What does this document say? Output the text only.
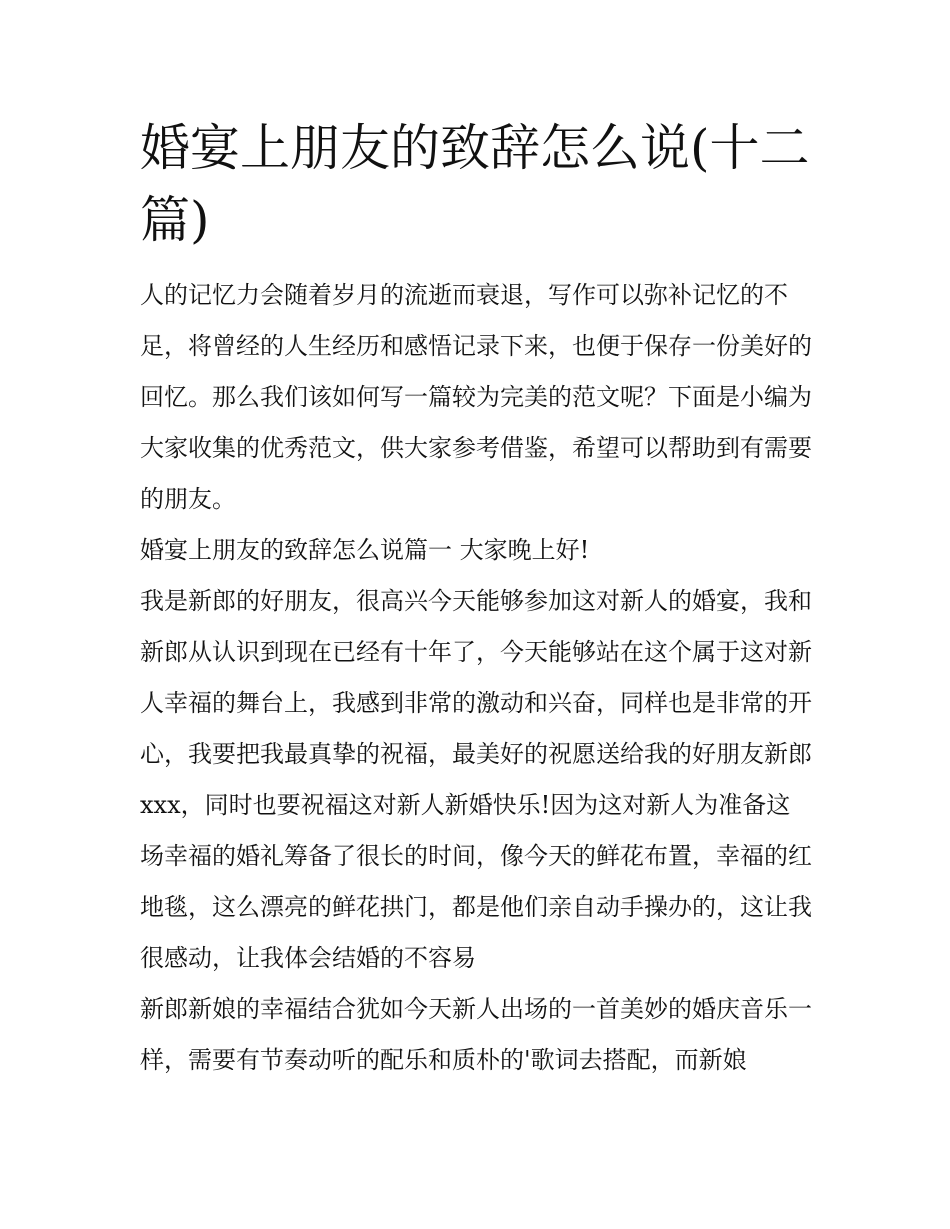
婚宴上朋友的致辞怎么说(十二篇)

人的记忆力会随着岁月的流逝而衰退，写作可以弥补记忆的不足，将曾经的人生经历和感悟记录下来，也便于保存一份美好的回忆。那么我们该如何写一篇较为完美的范文呢？下面是小编为大家收集的优秀范文，供大家参考借鉴，希望可以帮助到有需要的朋友。

婚宴上朋友的致辞怎么说篇一 大家晚上好!

我是新郎的好朋友，很高兴今天能够参加这对新人的婚宴，我和新郎从认识到现在已经有十年了，今天能够站在这个属于这对新人幸福的舞台上，我感到非常的激动和兴奋，同样也是非常的开心，我要把我最真挚的祝福，最美好的祝愿送给我的好朋友新郎 xxx，同时也要祝福这对新人新婚快乐!因为这对新人为准备这场幸福的婚礼筹备了很长的时间，像今天的鲜花布置，幸福的红地毯，这么漂亮的鲜花拱门，都是他们亲自动手操办的，这让我很感动，让我体会结婚的不容易

新郎新娘的幸福结合犹如今天新人出场的一首美妙的婚庆音乐一样，需要有节奏动听的配乐和质朴的'歌词去搭配，而新娘
